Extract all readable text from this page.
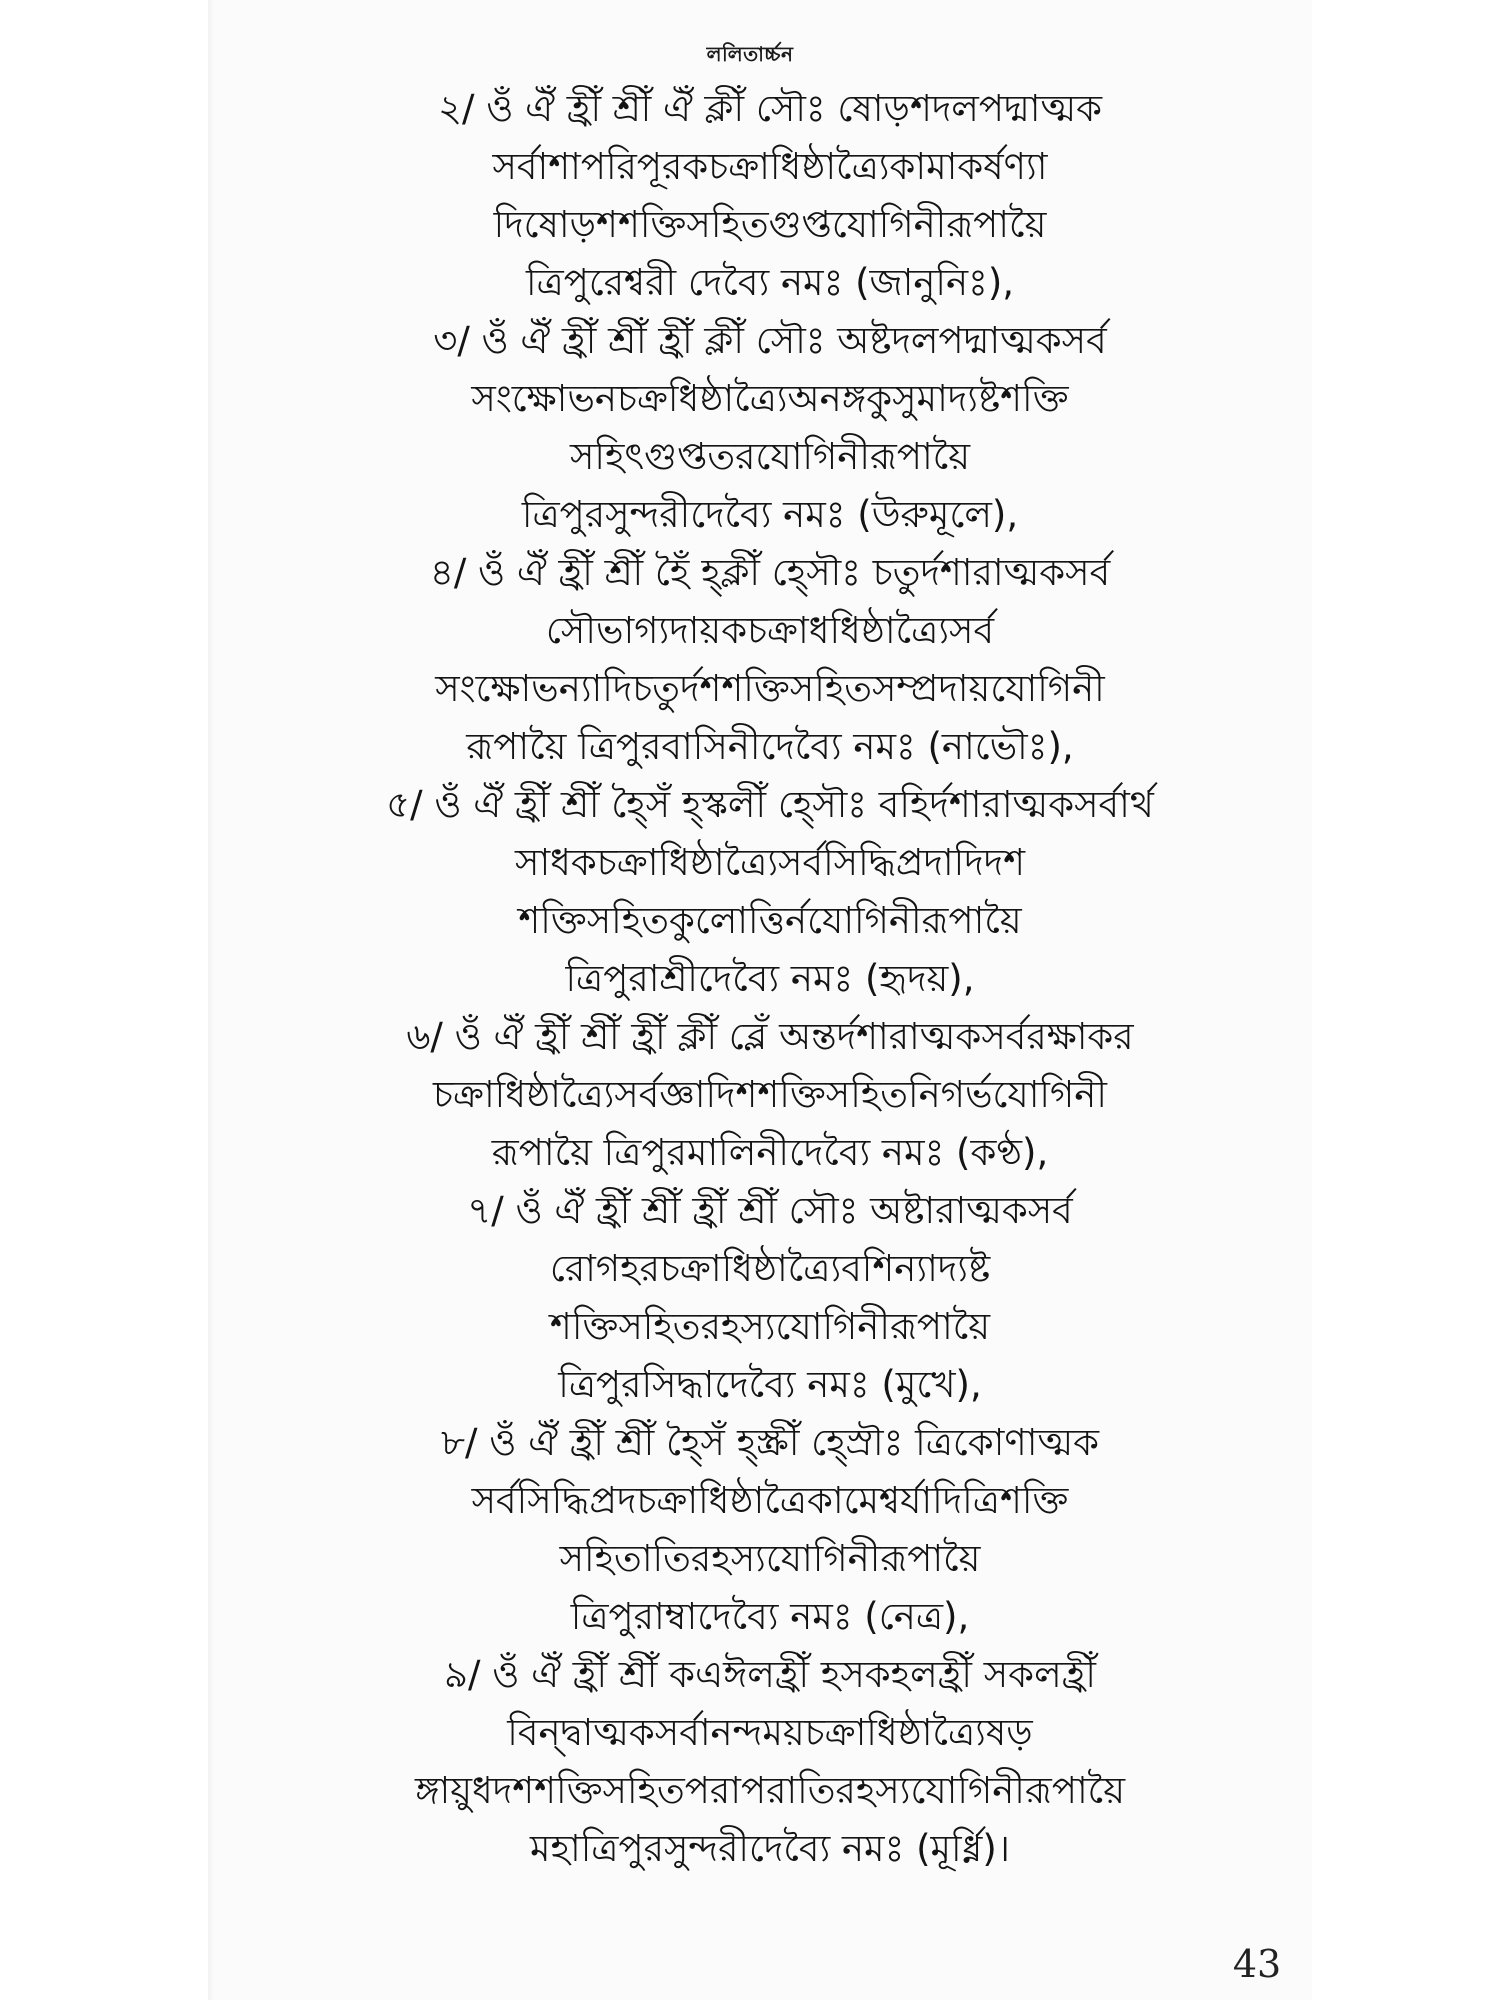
ললিতার্চ্চন
২/ ওঁ ঐঁ হ্রীঁ শ্রীঁ ঐঁ ক্লীঁ সৌঃ ষোড়শদলপদ্মাত্মক
সর্বাশাপরিপূরকচক্রাধিষ্ঠাত্র্যৈকামাকর্ষণ্যা
দিষোড়শশক্তিসহিতগুপ্তযোগিনীরূপায়ৈ
ত্রিপুরেশ্বরী দেব্যৈ নমঃ (জানুনিঃ),
৩/ ওঁ ঐঁ হ্রীঁ শ্রীঁ হ্রীঁ ক্লীঁ সৌঃ অষ্টদলপদ্মাত্মকসর্ব
সংক্ষোভনচক্রধিষ্ঠাত্র্যৈঅনঙ্গকুসুমাদ্যষ্টশক্তি
সহিৎগুপ্ততরযোগিনীরূপায়ৈ
ত্রিপুরসুন্দরীদেব্যৈ নমঃ (উরুমূলে),
৪/ ওঁ ঐঁ হ্রীঁ শ্রীঁ হৈঁ হ্ক্লীঁ হ্সৌঃ চতুর্দশারাত্মকসর্ব
সৌভাগ্যদায়কচক্রাধধিষ্ঠাত্র্যৈসর্ব
সংক্ষোভন্যাদিচতুর্দশশক্তিসহিতসম্প্রদায়যোগিনী
রূপায়ৈ ত্রিপুরবাসিনীদেব্যৈ নমঃ (নাভৌঃ),
৫/ ওঁ ঐঁ হ্রীঁ শ্রীঁ হ্সৈঁ হ্স্কলীঁ হ্সৌঃ বহির্দশারাত্মকসর্বার্থ
সাধকচক্রাধিষ্ঠাত্র্যৈসর্বসিদ্ধিপ্রদাদিদশ
শক্তিসহিতকুলোত্তির্নযোগিনীরূপায়ৈ
ত্রিপুরাশ্রীদেব্যৈ নমঃ (হৃদয়),
৬/ ওঁ ঐঁ হ্রীঁ শ্রীঁ হ্রীঁ ক্লীঁ ব্লেঁ অন্তর্দশারাত্মকসর্বরক্ষাকর
চক্রাধিষ্ঠাত্র্যৈসর্বজ্ঞাদিশশক্তিসহিতনিগর্ভযোগিনী
রূপায়ৈ ত্রিপুরমালিনীদেব্যৈ নমঃ (কণ্ঠ),
৭/ ওঁ ঐঁ হ্রীঁ শ্রীঁ হ্রীঁ শ্রীঁ সৌঃ অষ্টারাত্মকসর্ব
রোগহরচক্রাধিষ্ঠাত্র্যৈবশিন্যাদ্যষ্ট
শক্তিসহিতরহস্যযোগিনীরূপায়ৈ
ত্রিপুরসিদ্ধাদেব্যৈ নমঃ (মুখে),
৮/ ওঁ ঐঁ হ্রীঁ শ্রীঁ হ্সৈঁ হ্স্ক্রীঁ হ্স্রৌঃ ত্রিকোণাত্মক
সর্বসিদ্ধিপ্রদচক্রাধিষ্ঠাত্রৈকামেশ্বর্যাদিত্রিশক্তি
সহিতাতিরহস্যযোগিনীরূপায়ৈ
ত্রিপুরাম্বাদেব্যৈ নমঃ (নেত্র),
৯/ ওঁ ঐঁ হ্রীঁ শ্রীঁ কএঈলহ্রীঁ হসকহলহ্রীঁ সকলহ্রীঁ
বিন্দ্বাত্মকসর্বানন্দময়চক্রাধিষ্ঠাত্র্যৈষড়
ঙ্গায়ুধদশশক্তিসহিতপরাপরাতিরহস্যযোগিনীরূপায়ৈ
মহাত্রিপুরসুন্দরীদেব্যৈ নমঃ (মূর্ধ্নি)।
43
